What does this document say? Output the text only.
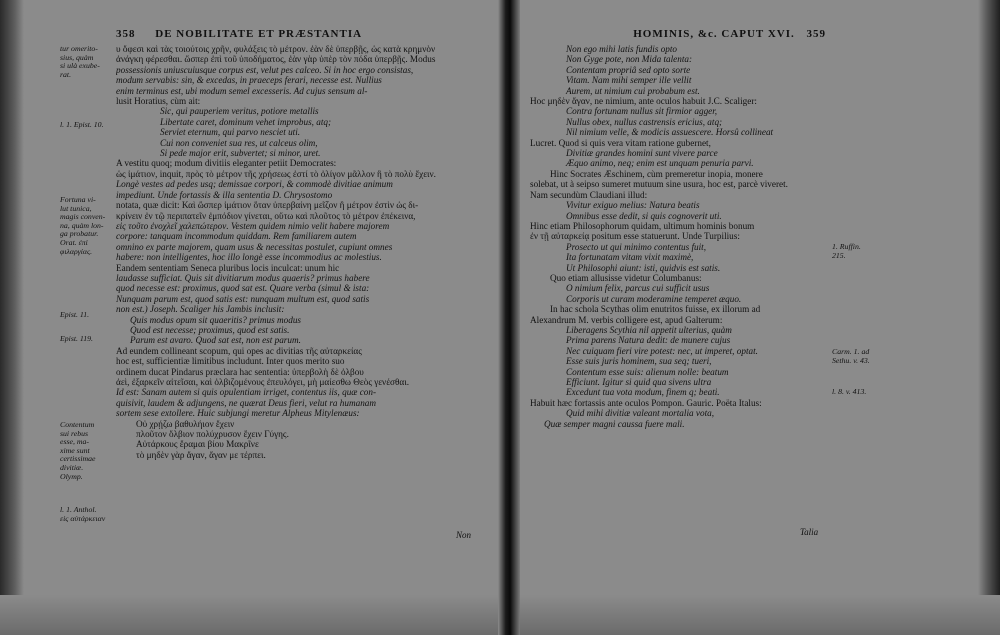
358 DE NOBILITATE ET PRÆSTANTIA
υ ὄφεσι καὶ τὰς τοιούτοις χρῆν, φυλάξεις τὸ μέτρον. ἐὰν δὲ ὑπερβῇς, ὡς κατὰ κρημνὸν
ἀνάγκη φέρεσθαι. ὥσπερ ἐπὶ τοῦ ὑποδήματος, ἐὰν γὰρ ὑπὲρ τὸν πόδα ὑπερβῇς. Modus
possessionis uniuscuiusque corpus est, velut pes calceo. Si in hoc ergo consistas,
modum servabis: sin, & excedas, in praeceps ferari, necesse est. Nullius
enim terminus est, ubi modum semel excesseris. Ad cujus sensum al-
lusit Horatius, cùm ait:
Sic, qui pauperiem veritus, potiore metallis
Libertate caret, dominum vehet improbus, atq;
Serviet eternum, qui parvo nesciet uti.
Cui non conveniet sua res, ut calceus olim,
Si pede major erit, subvertet; si minor, uret.
A vestitu quoq; modum divitiis eleganter petiit Democrates:
ὡς ἱμάτιον, inquit, πρὸς τὸ μέτρον τῆς χρήσεως ἐστί τὸ ὀλίγον μᾶλλον ἢ τὸ πολὺ ἔχειν.
Longè vestes ad pedes usq; demissae corpori, & commodè divitiae animum
impediunt. Unde fortassis & illa sententia D. Chrysostomo
notata, quæ dicit: Καὶ ὥσπερ ἱμάτιον ὅταν ὑπερβαίνη μεῖζον ἢ μέτρον ἐστὶν ὡς δι-
κρίνειν ἐν τῷ περιπατεῖν ἐμπόδιον γίνεται, οὕτω καὶ πλοῦτος τὸ μέτρον ἐπέκεινα,
εἰς τοῦτο ἐνοχλεῖ χαλεπώτερον. Vestem quidem nimio velit habere majorem
corpore: tanquam incommodum quiddam. Rem familiarem autem
omnino ex parte majorem, quam usus & necessitas postulet, cupiunt omnes
habere: non intelligentes, hoc illo longè esse incommodius ac molestius.
Eandem sententiam Seneca pluribus locis inculcat: unum hic
laudasse sufficiat. Quis sit divitiarum modus quaeris? primus habere
quod necesse est: proximus, quod sat est. Quare verba (simul & ista:
Nunquam parum est, quod satis est: nunquam multum est, quod satis
non est.) Joseph. Scaliger his Jambis inclusit:
Quis modus opum sit quaeritis? primus modus
Quod est necesse; proximus, quod est satis.
Parum est avaro. Quod sat est, non est parum.
Ad eundem collineant scopum, qui opes ac divitias τῆς αὐταρκείας
hoc est, sufficientiæ limitibus includunt. Inter quos merito suo
ordinem ducat Pindarus præclara hac sententia: ὑπερβολὴ δὲ ὀλβου
ἀεὶ, ἐξαρκεῖν αἰτεῖσαι, καὶ ὀλβιζομένους ἐπευλόγει, μὴ μαίεσθω Θεὸς γενέσθαι.
Id est: Sanam autem si quis opulentiam irriget, contentus iis, quæ con-
quisivit, laudem & adjungens, ne quærat Deus fieri, velut ra humanam
sortem sese extollere. Huic subjungi meretur Alpheus Mitylenæus:
Οὐ χρῄζω βαθυλήιον ἔχειν
πλοῦτον ὄλβιον πολύχρυσον ἔχειν Γύγης.
Αὐτάρκους ἔραμαι βίου Μακρῖνε
τὸ μηδὲν γὰρ ἄγαν, ἄγαν με τέρπει.
HOMINIS, &c. CAPUT XVI. 359
Non ego mihi latis fundis opto
Non Gyge pote, non Mida talenta:
Contentam propriâ sed opto sorte
Vitam. Nam mihi semper ille vellit
Aurem, ut nimium cui probabum est.
Hoc μηδὲν ἄγαν, ne nimium, ante oculos habuit J.C. Scaliger:
Contra fortunam nullus sit firmior agger,
Nullus obex, nullus castrensis ericius, atq;
Nil nimium velle, & modicis assuescere. Horsû collineat
Lucret. Quod si quis vera vitam ratione gubernet,
Divitiæ grandes homini sunt vivere parce
Æquo animo, neq; enim est unquam penuria parvi.
Hinc Socrates Æschinem, cùm premeretur inopia, monere
solebat, ut à seipso sumeret mutuum sine usura, hoc est, parcè viveret.
Nam secundùm Claudiani illud:
Vivitur exiguo melius: Natura beatis
Omnibus esse dedit, si quis cognoverit uti.
Hinc etiam Philosophorum quidam, ultimum hominis bonum
ἐν τῇ αὐταρκείᾳ positum esse statuerunt. Unde Turpilius:
Prosecto ut qui minimo contentus fuit,
Ita fortunatam vitam vixit maximè,
Ut Philosophi aiunt: isti, quidvis est satis.
Quo etiam allusisse videtur Columbanus:
O nimium felix, parcus cui sufficit usus
Corporis ut curam moderamine temperet æquo.
In hac schola Scythas olim enutritos fuisse, ex illorum ad
Alexandrum M. verbis colligere est, apud Galterum:
Liberagens Scythia nil appetit ulterius, quàm
Prima parens Natura dedit: de munere cujus
Nec cuiquam fieri vire potest: nec, ut imperet, optat.
Esse suis juris hominem, sua seq; tueri,
Contentum esse suis: alienum nolle: beatum
Efficiunt. Igitur si quid qua sivens ultra
Excedunt tua vota modum, finem q; beati.
Habuit hæc fortassis ante oculos Pompon. Gauric. Poëta Italus:
Quid mihi divitiæ valeant mortalia vota,
Quæ semper magni caussa fuere mali.
tur omerito-
sius, quàm
si ulà exube-
rat.
l. 1. Epist. 10.
Fortuna vi-
lut tunica,
magis conven-
na, quàm lon-
ga probatur.
Orat. ἐπὶ
φιλαργίας.
Epist. 11.
Epist. 119.
Contentum
sui rebus
esse, ma-
xime sunt
certissimae
divitiæ.
Olymp.
l. 1. Anthol.
εἰς αὐτάρκειαν
1. Ruffin.
215.
Carm. 1. ad
Sethu. v. 43.
l. 8. v. 413.
Non	Talia
